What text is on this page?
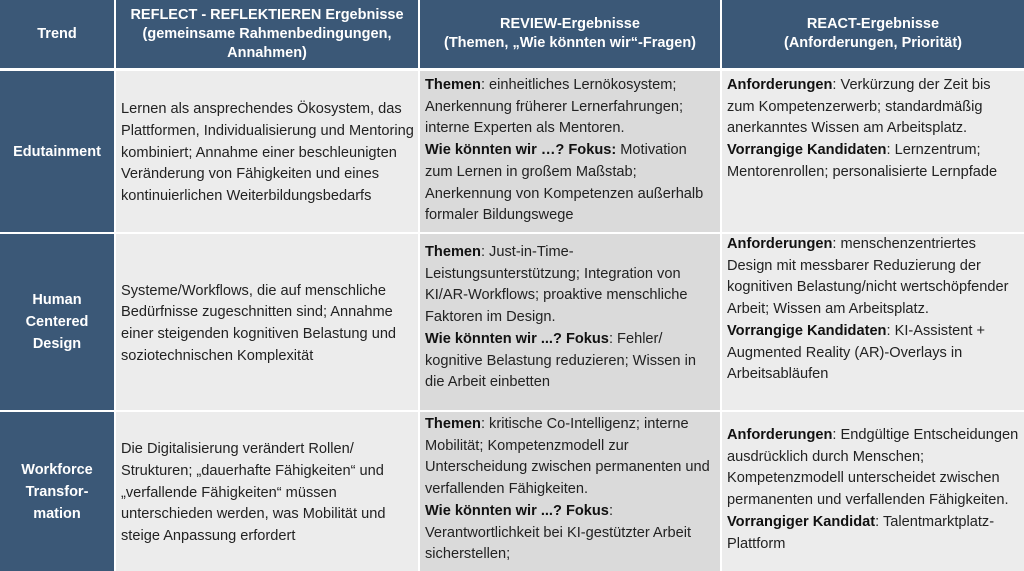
Trend
REFLECT - REFLEKTIEREN Ergebnisse
(gemeinsame Rahmenbedingungen,
Annahmen)
REVIEW-Ergebnisse
(Themen, „Wie könnten wir“-Fragen)
REACT-Ergebnisse
(Anforderungen, Priorität)
Edutainment
Lernen als ansprechendes Ökosystem, das Plattformen, Individualisierung und Mentoring kombiniert; Annahme einer beschleunigten Veränderung von Fähigkeiten und eines kontinuierlichen Weiterbildungsbedarfs
Themen: einheitliches Lernökosystem; Anerkennung früherer Lernerfahrungen; interne Experten als Mentoren.
Wie könnten wir …? Fokus: Motivation zum Lernen in großem Maßstab; Anerkennung von Kompetenzen außerhalb formaler Bildungswege
Anforderungen: Verkürzung der Zeit bis zum Kompetenzerwerb; standardmäßig anerkanntes Wissen am Arbeitsplatz.
Vorrangige Kandidaten: Lernzentrum; Mentorenrollen; personalisierte Lernpfade
Human
Centered
Design
Systeme/Workflows, die auf menschliche Bedürfnisse zugeschnitten sind; Annahme einer steigenden kognitiven Belastung und soziotechnischen Komplexität
Themen: Just-in-Time-Leistungsunterstützung; Integration von KI/AR-Workflows; proaktive menschliche Faktoren im Design.
Wie könnten wir ...? Fokus: Fehler/ kognitive Belastung reduzieren; Wissen in die Arbeit einbetten
Anforderungen: menschenzentriertes Design mit messbarer Reduzierung der kognitiven Belastung/nicht wertschöpfender Arbeit; Wissen am Arbeitsplatz.
Vorrangige Kandidaten: KI-Assistent + Augmented Reality (AR)-Overlays in Arbeitsabläufen
Workforce
Transfor-
mation
Die Digitalisierung verändert Rollen/ Strukturen; „dauerhafte Fähigkeiten“ und „verfallende Fähigkeiten“ müssen unterschieden werden, was Mobilität und steige Anpassung erfordert
Themen: kritische Co-Intelligenz; interne Mobilität; Kompetenzmodell zur Unterscheidung zwischen permanenten und verfallenden Fähigkeiten.
Wie könnten wir ...? Fokus: Verantwortlichkeit bei KI-gestützter Arbeit sicherstellen;
Anforderungen: Endgültige Entscheidungen ausdrücklich durch Menschen; Kompetenzmodell unterscheidet zwischen permanenten und verfallenden Fähigkeiten.
Vorrangiger Kandidat: Talentmarktplatz-Plattform
